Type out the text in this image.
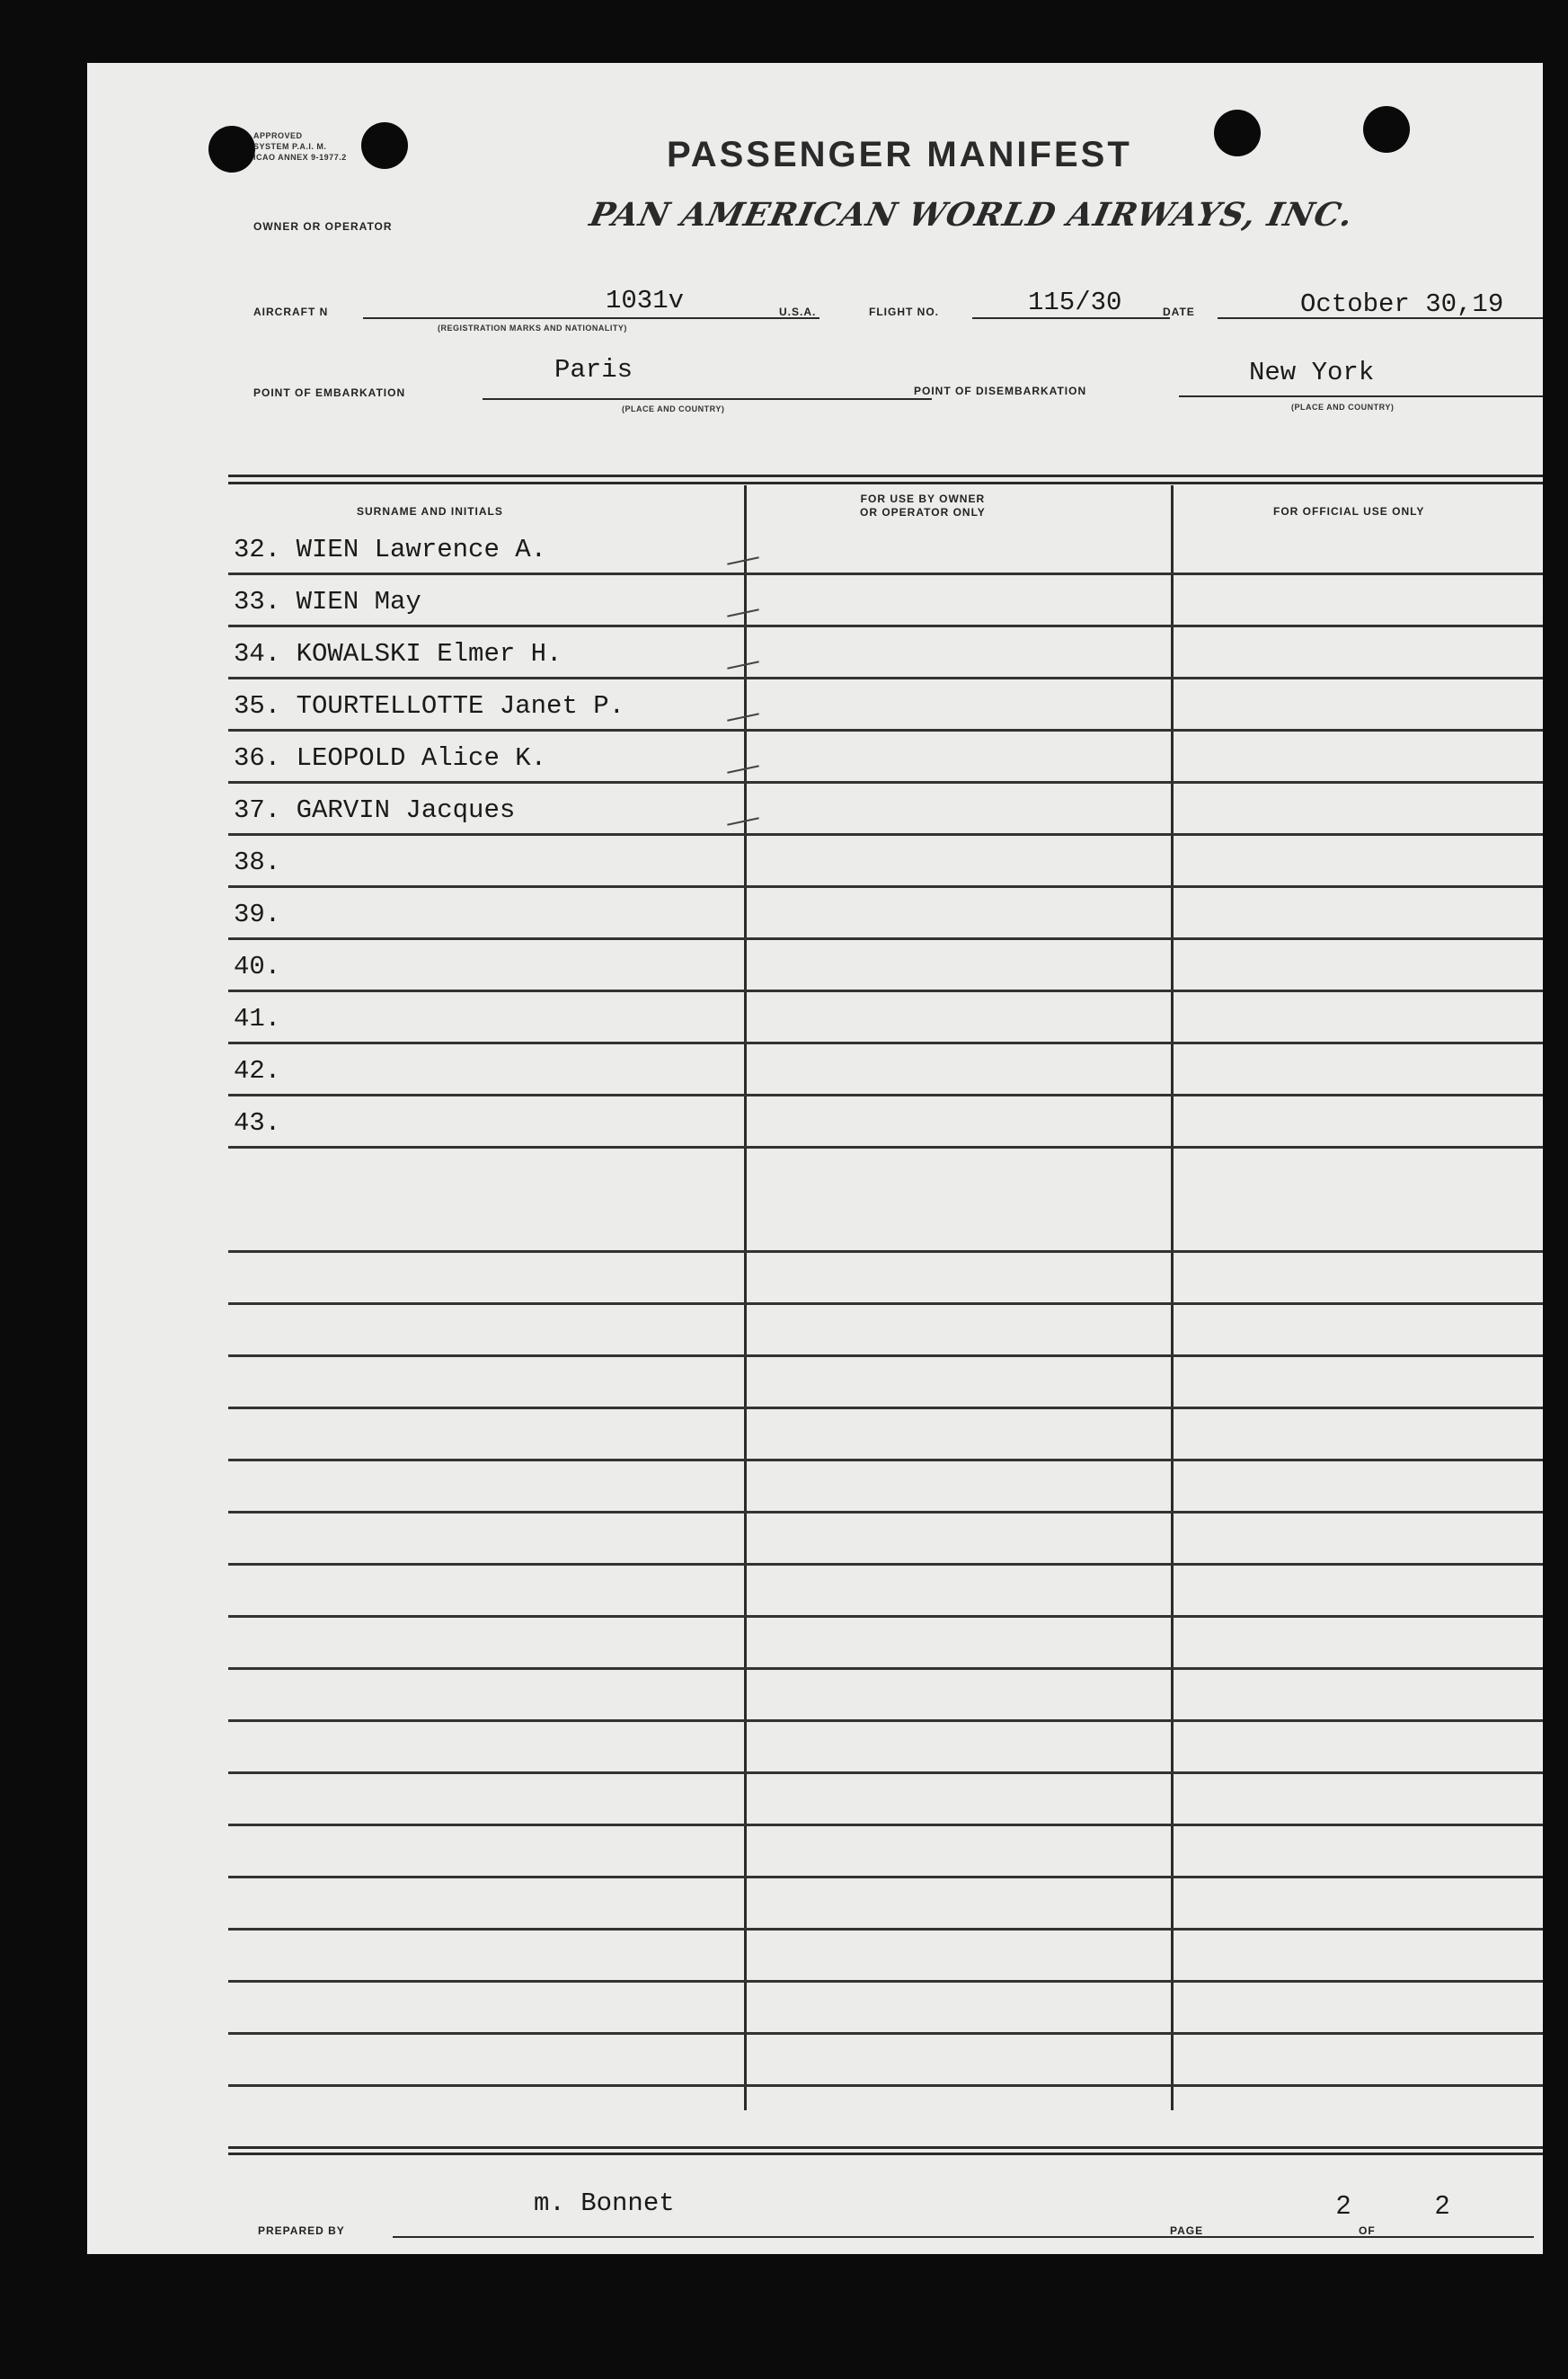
APPROVED
SYSTEM P.A.I. M.
ICAO ANNEX 9-1977.2	PASSENGER MANIFEST
OWNER OR OPERATOR	PAN AMERICAN WORLD AIRWAYS, INC.
AIRCRAFT N	1031v
(REGISTRATION MARKS AND NATIONALITY)
U.S.A.	FLIGHT NO.	115/30	DATE	October 30,19
POINT OF EMBARKATION
Paris
(PLACE AND COUNTRY)
POINT OF DISEMBARKATION
New York
(PLACE AND COUNTRY)
SURNAME AND INITIALS
FOR USE BY OWNER
OR OPERATOR ONLY	FOR OFFICIAL USE ONLY
32. WIEN Lawrence A.
33. WIEN May
34. KOWALSKI Elmer H.
35. TOURTELLOTTE Janet P.
36. LEOPOLD Alice K.
37. GARVIN Jacques
38.
39.
40.
41.
42.
43.
PREPARED BY
m. Bonnet
PAGE
2
OF
2
